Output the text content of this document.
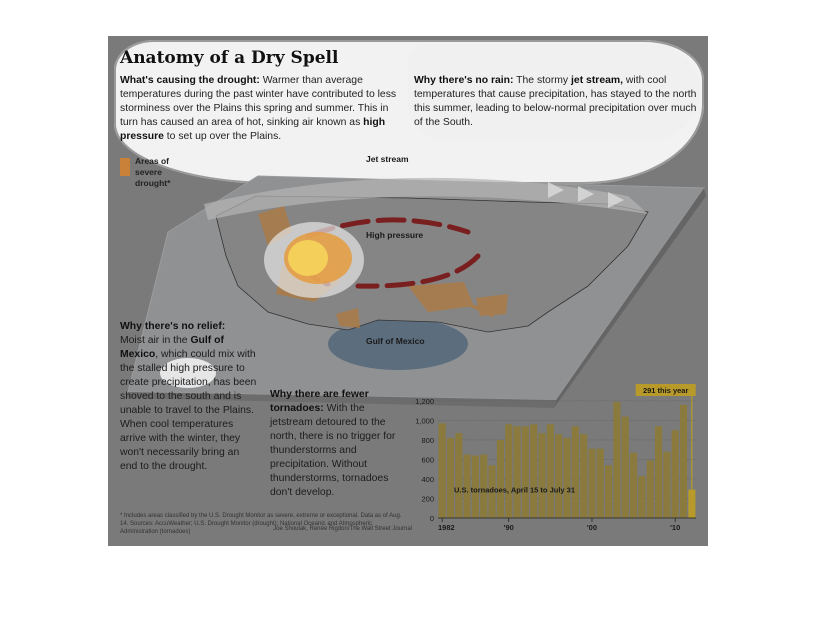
Anatomy of a Dry Spell

What's causing the drought: Warmer than average temperatures during the past winter have contributed to less storminess over the Plains this spring and summer. This in turn has caused an area of hot, sinking air known as high pressure to set up over the Plains.

Why there's no rain: The stormy jet stream, with cool temperatures that cause precipitation, has stayed to the north this summer, leading to below-normal precipitation over much of the South.

Areas of severe drought*

Jet stream

High pressure

Gulf of Mexico

Why there's no relief:
Moist air in the Gulf of Mexico, which could mix with the stalled high pressure to create precipitation, has been shoved to the south and is unable to travel to the Plains.
When cool temperatures arrive with the winter, they won't necessarily bring an end to the drought.

Why there are fewer tornadoes: With the jetstream detoured to the north, there is no trigger for thunderstorms and precipitation. Without thunderstorms, tornadoes don't develop.

* Includes areas classified by the U.S. Drought Monitor as severe, extreme or exceptional. Data as of Aug. 14. Sources: AccuWeather; U.S. Drought Monitor (drought); National Oceanic and Atmospheric Administration (tornadoes)	Joe Shoulak, Renée Rigdon/The Wall Street Journal

0
200
400
600
800
1,000
1,200
1982	'90	'00	'10
U.S. tornadoes, April 15 to July 31
291 this year
